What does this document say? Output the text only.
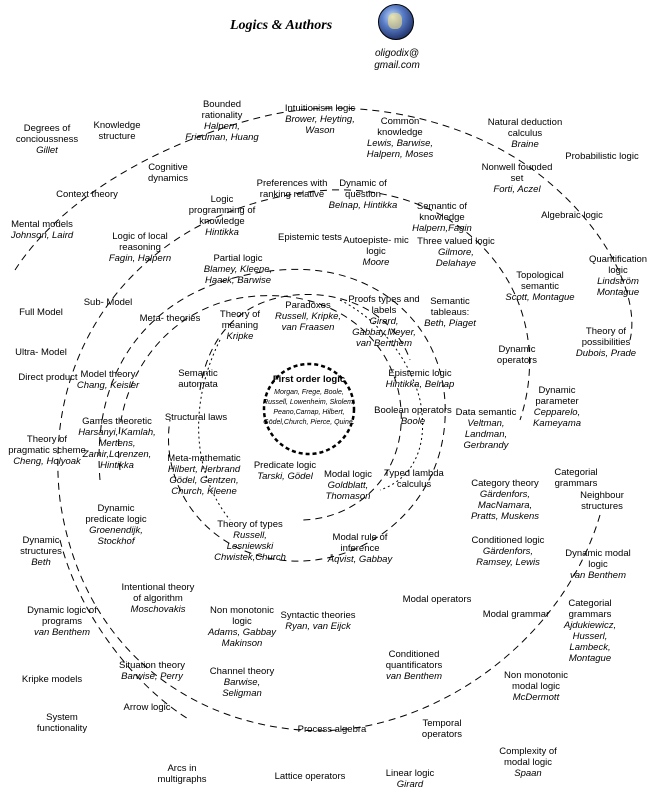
Logics & Authors
oligodix@
gmail.com
First order logic
Morgan, Frege, Boole, Russell, Lowenheim, Skolem, Peano,Carnap, Hilbert, Gödel,Church, Pierce, Quine.
Bounded rationality
Halpern, Friedman, Huang
Intuitionism logic
Brower, Heyting, Wason
Common knowledge
Lewis, Barwise, Halpern, Moses
Natural deduction calculus
Braine
Degrees of concioussness
Gillet
Knowledge structure
Probabilistic logic
Cognitive dynamics
Nonwell founded set
Forti, Aczel
Context theory
Preferences with ranking relative
Dynamic of question
Belnap, Hintikka
Logic programming of knowledge
Hintikka
Semantic of knowledge
Halpern,Fagin
Algebraic logic
Mental models
Johnson, Laird	Logic of local reasoning
Fagin, Halpern
Epistemic tests Autoepiste- mic logic
Moore
Three valued logic
Gilmore, Delahaye
Partial logic
Blamey, Kleene, Haack, Barwise	Topological semantic
Scott, Montague
Quantification logic
Lindström Montague
Full Model
Sub- Model	Paradoxes
Russell, Kripke, van Fraasen
Proofs types and labels
Girard, Gabbay,Meyer, van Benthem
Semantic tableaus:
Beth, Piaget
Meta- theories	Theory of meaning
Kripke	Theory of possibilities
Dubois, Prade
Ultra- Model	Dynamic operators
Model theory
Chang, Keisler
Semantic automata
Epistemic logic
Hintikka, Belnap
Dynamic parameter
Cepparelo, Kameyama
Direct product
Structural laws
Boolean operators
Boole
Data semantic
Veltman, Landman, Gerbrandy
Games theoretic
Harsanyi, Kamlah, Mertens, Zamir,Lorenzen, Hintikka
Theory of pragmatic scheme
Cheng, Holyoak	Meta-mathematic
Hilbert, Herbrand Gödel, Gentzen, Church, Kleene
Predicate logic
Tarski, Gödel	Modal logic
Goldblatt, Thomason
Typed lambda calculus	Category theory
Gärdenfors, MacNamara, Pratts, Muskens
Categorial grammars
Neighbour structures
Dynamic predicate logic
Groenendijk, Stockhof
Theory of types
Russell, Lesniewski Chwistek,Church
Modal rule of inference
Åqvist, Gabbay
Conditioned logic
Gärdenfors, Ramsey, Lewis
Dynamic structures
Beth
Dynamic modal logic
van Benthem
Intentional theory of algorithm
Moschovakis
Modal operators
Dynamic logic of programs
van Benthem
Non monotonic logic
Adams, Gabbay Makinson
Syntactic theories
Ryan, van Eijck
Modal grammar
Categorial grammars
Ajdukiewicz, Husserl, Lambeck, Montague
Situation theory
Barwise, Perry
Conditioned quantificators
van Benthem
Kripke models
Channel theory
Barwise, Seligman
Non monotonic modal logic
McDermott
Arrow logic
System functionality	Process algebra
Temporal operators
Complexity of modal logic
Spaan
Arcs in multigraphs	Lattice operators	Linear logic
Girard
